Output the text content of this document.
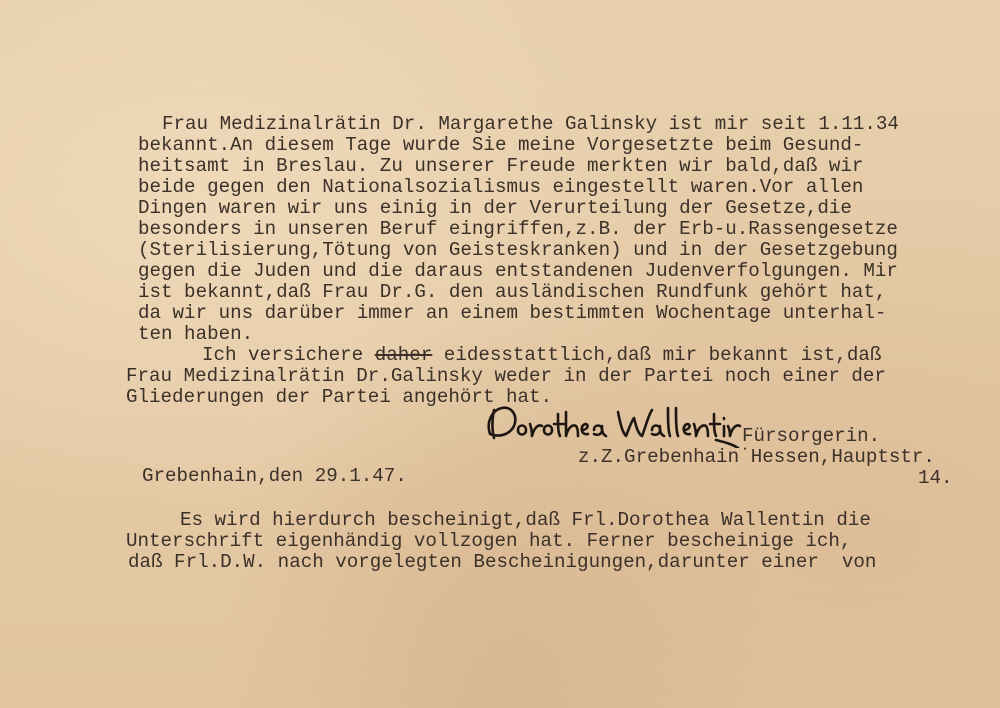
Frau Medizinalrätin Dr. Margarethe Galinsky ist mir seit 1.11.34
bekannt.An diesem Tage wurde Sie meine Vorgesetzte beim Gesund-
heitsamt in Breslau. Zu unserer Freude merkten wir bald,daß wir
beide gegen den Nationalsozialismus eingestellt waren.Vor allen
Dingen waren wir uns einig in der Verurteilung der Gesetze,die
besonders in unseren Beruf eingriffen,z.B. der Erb-u.Rassengesetze
(Sterilisierung,Tötung von Geisteskranken) und in der Gesetzgebung
gegen die Juden und die daraus entstandenen Judenverfolgungen. Mir
ist bekannt,daß Frau Dr.G. den ausländischen Rundfunk gehört hat,
da wir uns darüber immer an einem bestimmten Wochentage unterhal-
ten haben.
Ich versichere daher eidesstattlich,daß mir bekannt ist,daß
Frau Medizinalrätin Dr.Galinsky weder in der Partei noch einer der
Gliederungen der Partei angehört hat.
Fürsorgerin.
z.Z.Grebenhain˙Hessen,Hauptstr.
Grebenhain,den 29.1.47.	14.
Es wird hierdurch bescheinigt,daß Frl.Dorothea Wallentin die
Unterschrift eigenhändig vollzogen hat. Ferner bescheinige ich,
daß Frl.D.W. nach vorgelegten Bescheinigungen,darunter einer  von
